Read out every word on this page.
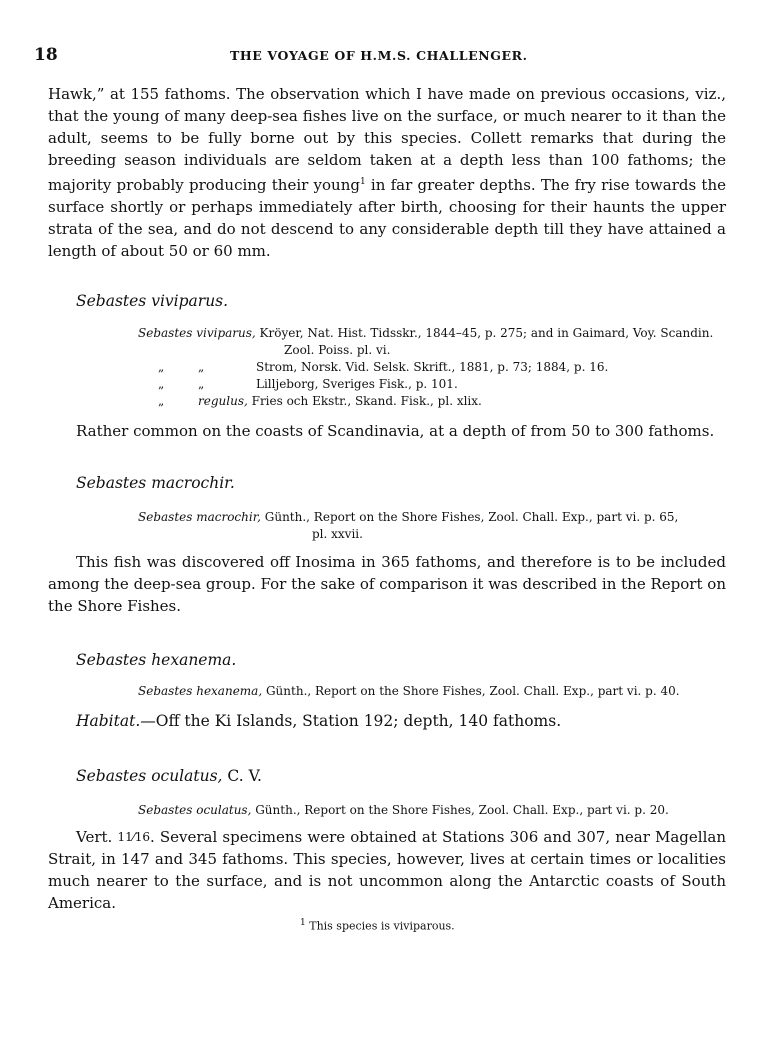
18	THE VOYAGE OF H.M.S. CHALLENGER.

Hawk,” at 155 fathoms. The observation which I have made on previous occasions, viz., that the young of many deep-sea fishes live on the surface, or much nearer to it than the adult, seems to be fully borne out by this species. Collett remarks that during the breeding season individuals are seldom taken at a depth less than 100 fathoms; the majority probably producing their young$^1$ in far greater depths. The fry rise towards the surface shortly or perhaps immediately after birth, choosing for their haunts the upper strata of the sea, and do not descend to any considerable depth till they have attained a length of about 50 or 60 mm.

Sebastes viviparus.

Sebastes viviparus, Kröyer, Nat. Hist. Tidsskr., 1844–45, p. 275; and in Gaimard, Voy. Scandin.

Zool. Poiss. pl. vi.

„	„	Strom, Norsk. Vid. Selsk. Skrift., 1881, p. 73; 1884, p. 16.

„	„	Lilljeborg, Sveriges Fisk., p. 101.

„	regulus, Fries och Ekstr., Skand. Fisk., pl. xlix.

Rather common on the coasts of Scandinavia, at a depth of from 50 to 300 fathoms.

Sebastes macrochir.

Sebastes macrochir, Günth., Report on the Shore Fishes, Zool. Chall. Exp., part vi. p. 65,

pl. xxvii.

This fish was discovered off Inosima in 365 fathoms, and therefore is to be included among the deep-sea group. For the sake of comparison it was described in the Report on the Shore Fishes.

Sebastes hexanema.

Sebastes hexanema, Günth., Report on the Shore Fishes, Zool. Chall. Exp., part vi. p. 40.

Habitat.—Off the Ki Islands, Station 192; depth, 140 fathoms.

Sebastes oculatus, C. V.

Sebastes oculatus, Günth., Report on the Shore Fishes, Zool. Chall. Exp., part vi. p. 20.

Vert. 11⁄16. Several specimens were obtained at Stations 306 and 307, near Magellan Strait, in 147 and 345 fathoms. This species, however, lives at certain times or localities much nearer to the surface, and is not uncommon along the Antarctic coasts of South America.

$^1$ This species is viviparous.
